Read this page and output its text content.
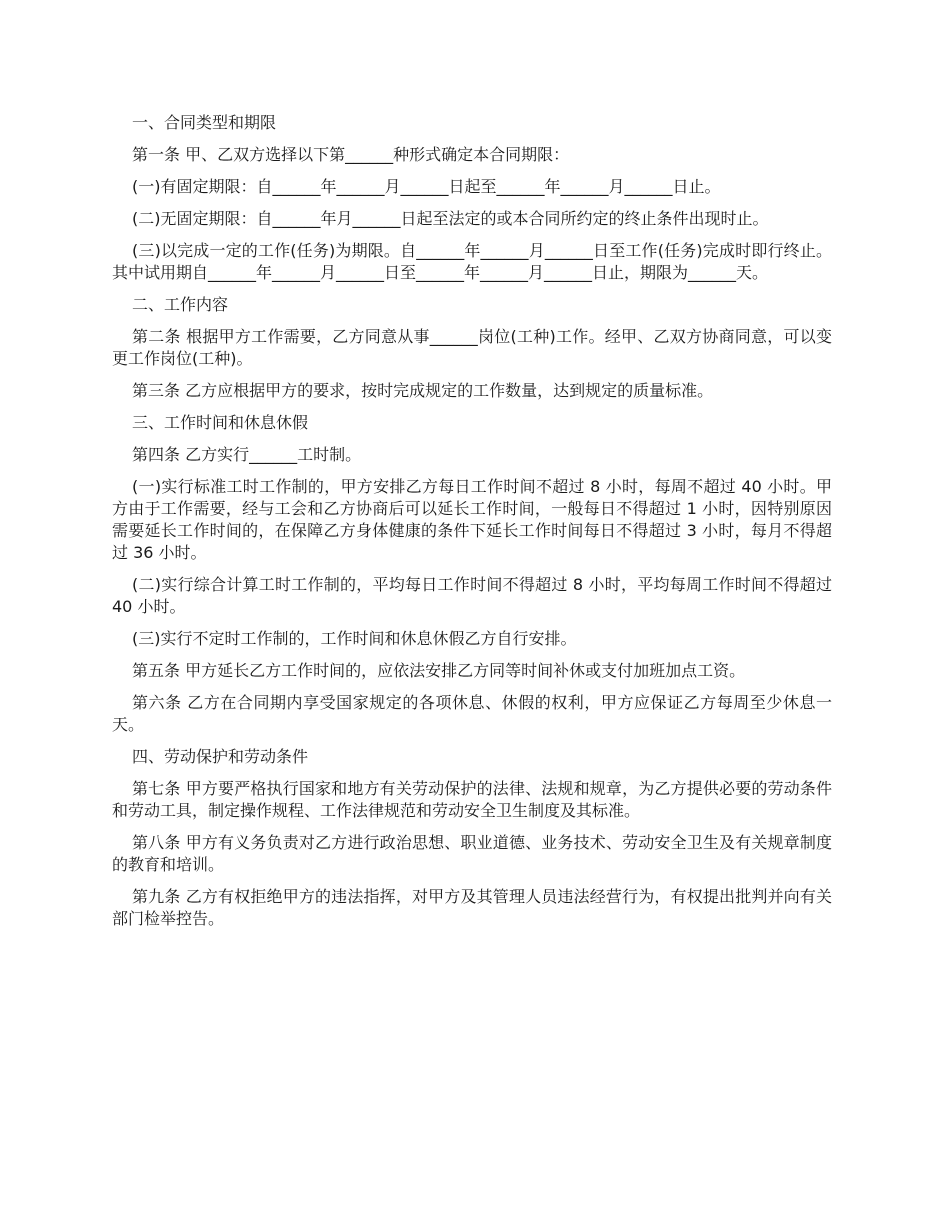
一、合同类型和期限

第一条 甲、乙双方选择以下第______种形式确定本合同期限：

(一)有固定期限：自______年______月______日起至______年______月______日止。

(二)无固定期限：自______年月______日起至法定的或本合同所约定的终止条件出现时止。

(三)以完成一定的工作(任务)为期限。自______年______月______日至工作(任务)完成时即行终止。其中试用期自______年______月______日至______年______月______日止，期限为______天。

二、工作内容

第二条 根据甲方工作需要，乙方同意从事______岗位(工种)工作。经甲、乙双方协商同意，可以变更工作岗位(工种)。

第三条 乙方应根据甲方的要求，按时完成规定的工作数量，达到规定的质量标准。

三、工作时间和休息休假

第四条 乙方实行______工时制。

(一)实行标准工时工作制的，甲方安排乙方每日工作时间不超过 8 小时，每周不超过 40 小时。甲方由于工作需要，经与工会和乙方协商后可以延长工作时间，一般每日不得超过 1 小时，因特别原因需要延长工作时间的，在保障乙方身体健康的条件下延长工作时间每日不得超过 3 小时，每月不得超过 36 小时。

(二)实行综合计算工时工作制的，平均每日工作时间不得超过 8 小时，平均每周工作时间不得超过 40 小时。

(三)实行不定时工作制的，工作时间和休息休假乙方自行安排。

第五条 甲方延长乙方工作时间的，应依法安排乙方同等时间补休或支付加班加点工资。

第六条 乙方在合同期内享受国家规定的各项休息、休假的权利，甲方应保证乙方每周至少休息一天。

四、劳动保护和劳动条件

第七条 甲方要严格执行国家和地方有关劳动保护的法律、法规和规章，为乙方提供必要的劳动条件和劳动工具，制定操作规程、工作法律规范和劳动安全卫生制度及其标准。

第八条 甲方有义务负责对乙方进行政治思想、职业道德、业务技术、劳动安全卫生及有关规章制度的教育和培训。

第九条 乙方有权拒绝甲方的违法指挥，对甲方及其管理人员违法经营行为，有权提出批判并向有关部门检举控告。
